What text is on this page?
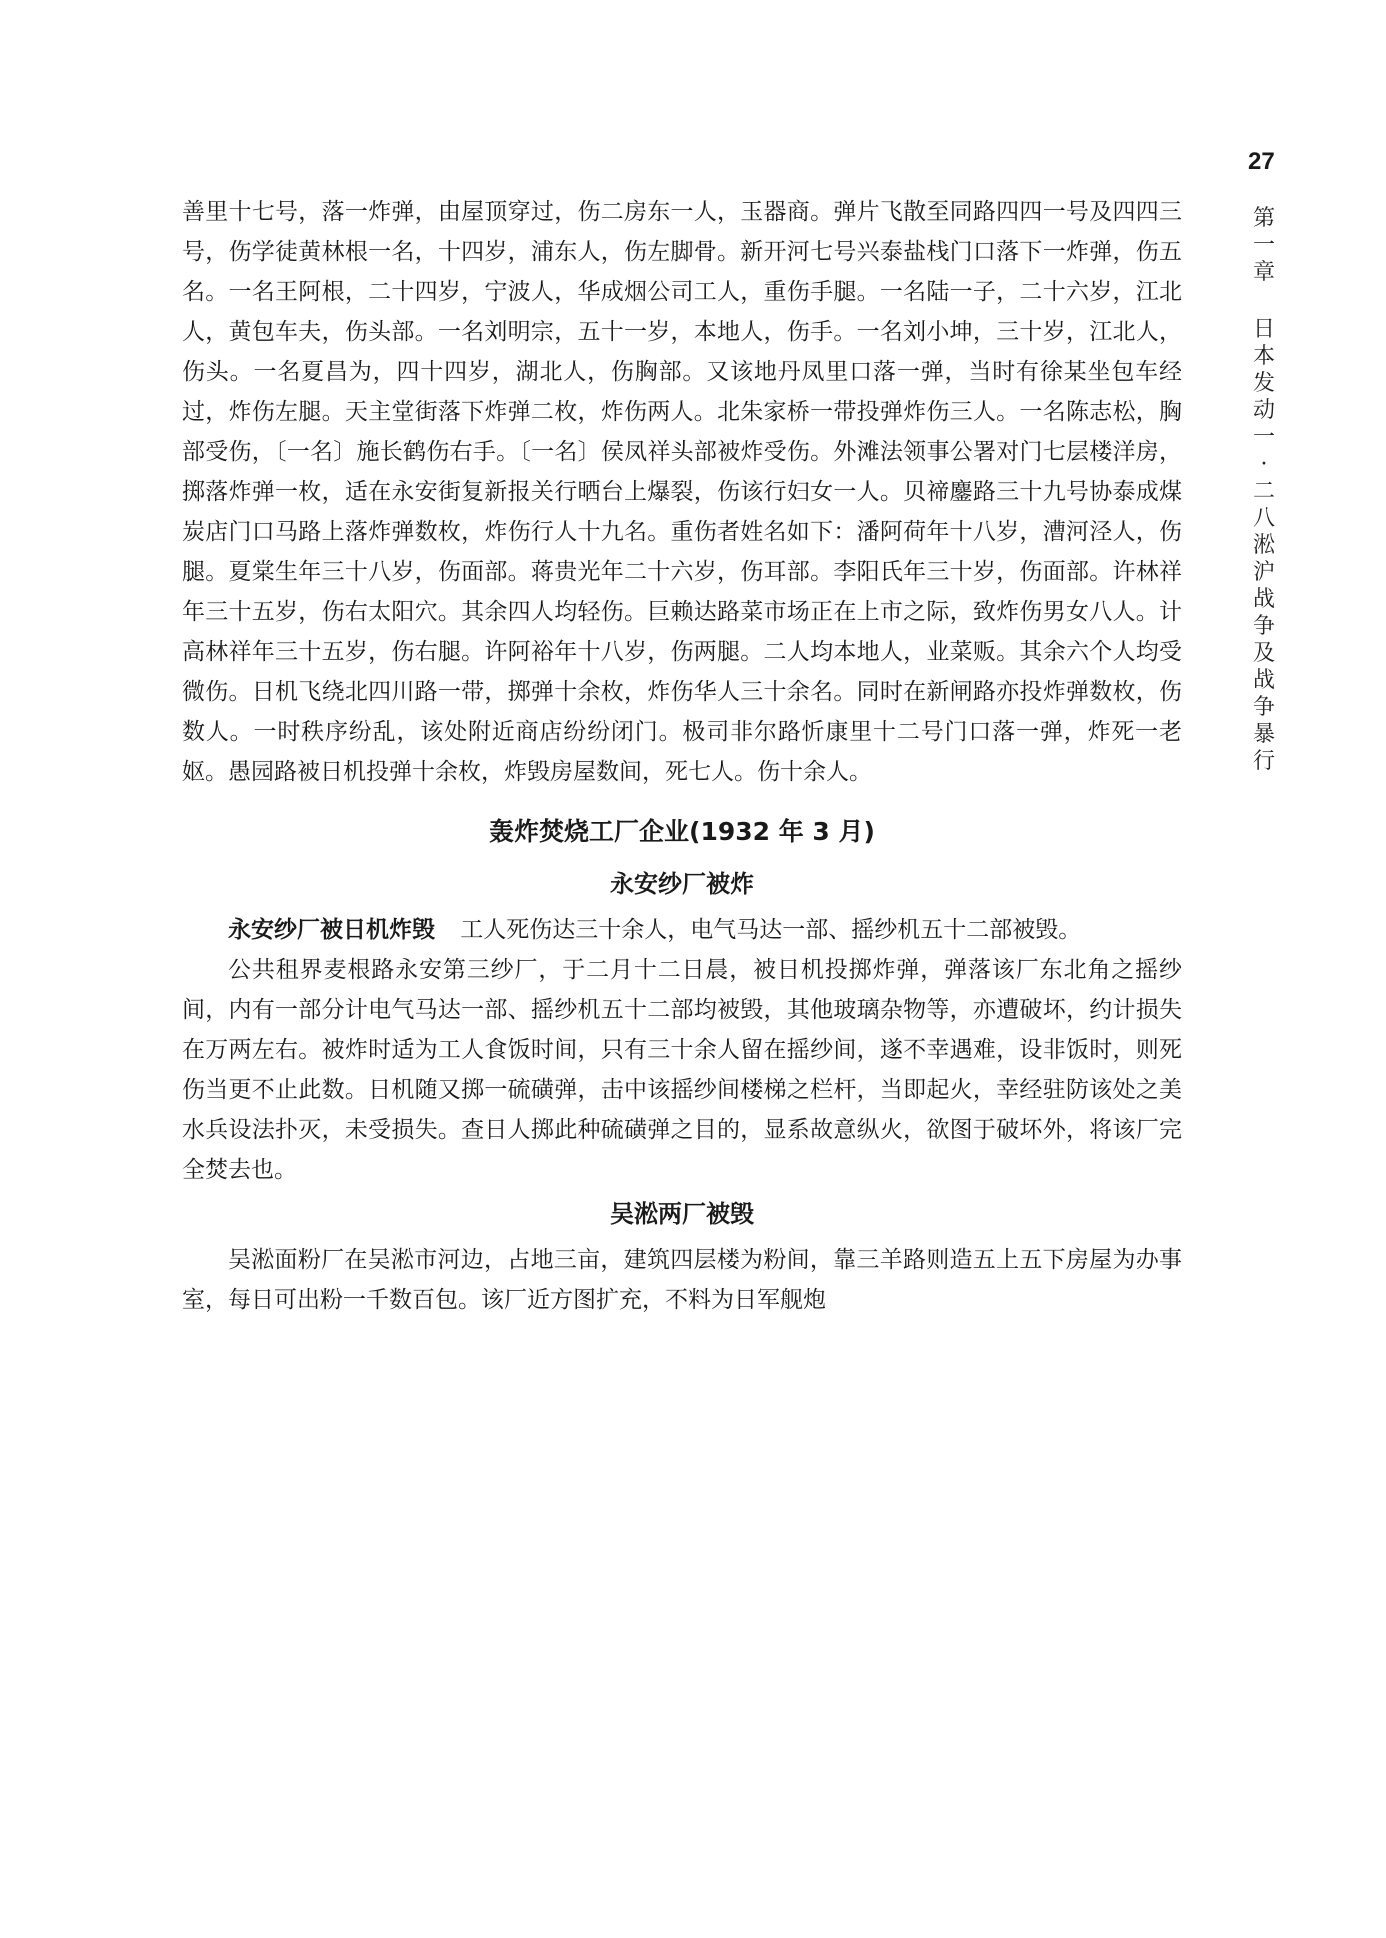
27
第
一
章
日
本
发
动
一
·
二
八
淞
沪
战
争
及
战
争
暴
行

善里十七号，落一炸弹，由屋顶穿过，伤二房东一人，玉器商。弹片飞散至同路四四一号及四四三号，伤学徒黄林根一名，十四岁，浦东人，伤左脚骨。新开河七号兴泰盐栈门口落下一炸弹，伤五名。一名王阿根，二十四岁，宁波人，华成烟公司工人，重伤手腿。一名陆一子，二十六岁，江北人，黄包车夫，伤头部。一名刘明宗，五十一岁，本地人，伤手。一名刘小坤，三十岁，江北人，伤头。一名夏昌为，四十四岁，湖北人，伤胸部。又该地丹凤里口落一弹，当时有徐某坐包车经过，炸伤左腿。天主堂街落下炸弹二枚，炸伤两人。北朱家桥一带投弹炸伤三人。一名陈志松，胸部受伤，〔一名〕施长鹤伤右手。〔一名〕侯凤祥头部被炸受伤。外滩法领事公署对门七层楼洋房，掷落炸弹一枚，适在永安街复新报关行晒台上爆裂，伤该行妇女一人。贝禘鏖路三十九号协泰成煤炭店门口马路上落炸弹数枚，炸伤行人十九名。重伤者姓名如下：潘阿荷年十八岁，漕河泾人，伤腿。夏棠生年三十八岁，伤面部。蒋贵光年二十六岁，伤耳部。李阳氏年三十岁，伤面部。许林祥年三十五岁，伤右太阳穴。其余四人均轻伤。巨赖达路菜市场正在上市之际，致炸伤男女八人。计高林祥年三十五岁，伤右腿。许阿裕年十八岁，伤两腿。二人均本地人，业菜贩。其余六个人均受微伤。日机飞绕北四川路一带，掷弹十余枚，炸伤华人三十余名。同时在新闸路亦投炸弹数枚，伤数人。一时秩序纷乱，该处附近商店纷纷闭门。极司非尔路忻康里十二号门口落一弹，炸死一老妪。愚园路被日机投弹十余枚，炸毁房屋数间，死七人。伤十余人。

轰炸焚烧工厂企业(1932 年 3 月)
永安纱厂被炸

永安纱厂被日机炸毁 工人死伤达三十余人，电气马达一部、摇纱机五十二部被毁。

公共租界麦根路永安第三纱厂，于二月十二日晨，被日机投掷炸弹，弹落该厂东北角之摇纱间，内有一部分计电气马达一部、摇纱机五十二部均被毁，其他玻璃杂物等，亦遭破坏，约计损失在万两左右。被炸时适为工人食饭时间，只有三十余人留在摇纱间，遂不幸遇难，设非饭时，则死伤当更不止此数。日机随又掷一硫磺弹，击中该摇纱间楼梯之栏杆，当即起火，幸经驻防该处之美水兵设法扑灭，未受损失。查日人掷此种硫磺弹之目的，显系故意纵火，欲图于破坏外，将该厂完全焚去也。

吴淞两厂被毁

吴淞面粉厂在吴淞市河边，占地三亩，建筑四层楼为粉间，靠三羊路则造五上五下房屋为办事室，每日可出粉一千数百包。该厂近方图扩充，不料为日军舰炮
